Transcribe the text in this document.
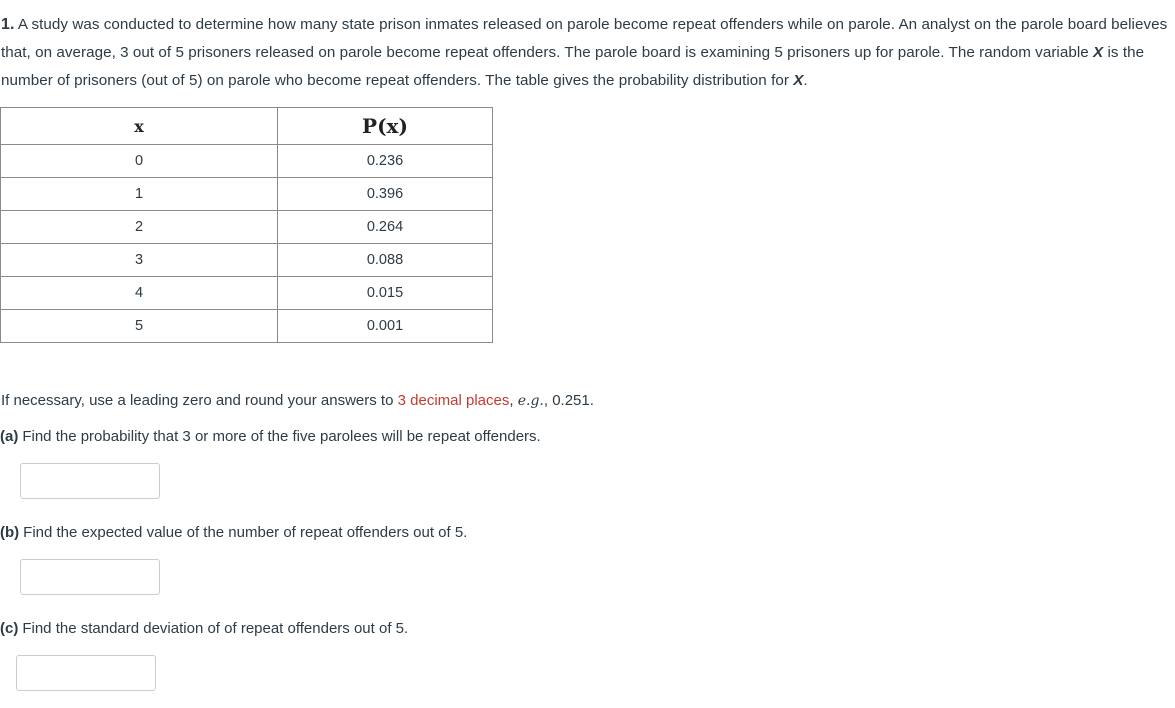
1. A study was conducted to determine how many state prison inmates released on parole become repeat offenders while on parole. An analyst on the parole board believes that, on average, 3 out of 5 prisoners released on parole become repeat offenders. The parole board is examining 5 prisoners up for parole. The random variable X is the number of prisoners (out of 5) on parole who become repeat offenders. The table gives the probability distribution for X.
x	P(x)
0	0.236
1	0.396
2	0.264
3	0.088
4	0.015
5	0.001
If necessary, use a leading zero and round your answers to 3 decimal places, e.g., 0.251.
(a) Find the probability that 3 or more of the five parolees will be repeat offenders.
(b) Find the expected value of the number of repeat offenders out of 5.
(c) Find the standard deviation of of repeat offenders out of 5.
